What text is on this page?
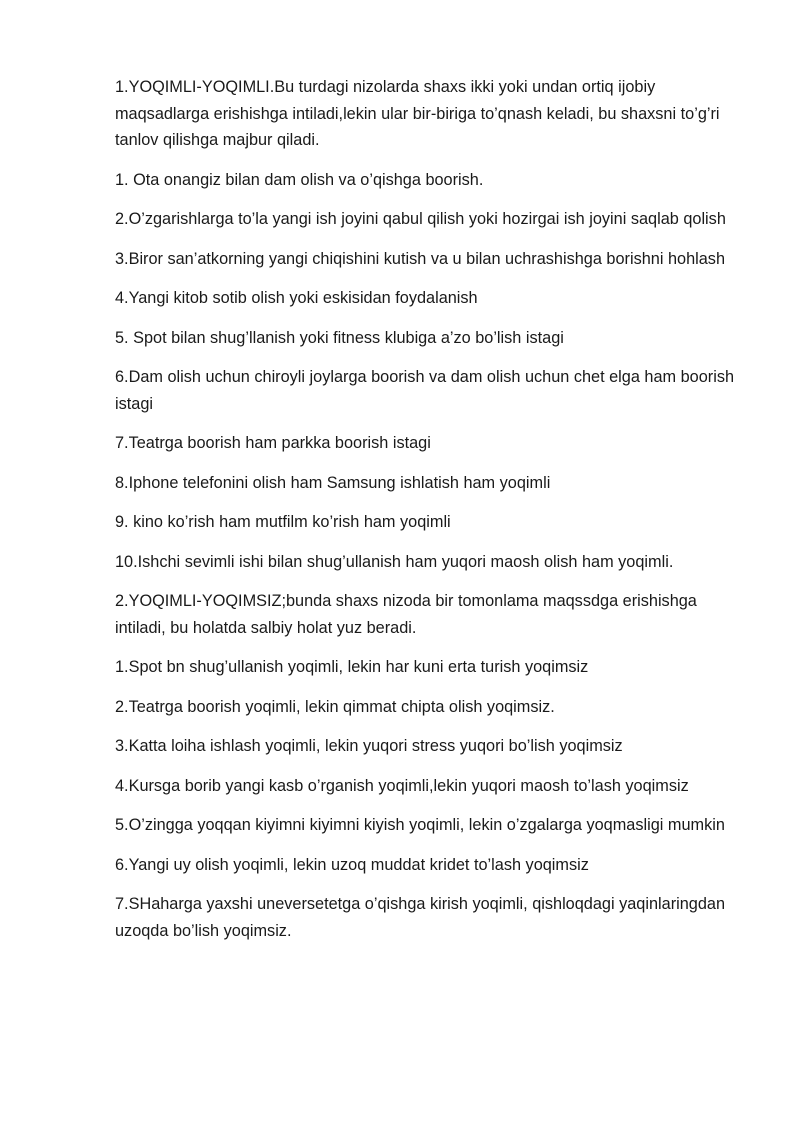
1.YOQIMLI-YOQIMLI.Bu turdagi nizolarda shaxs ikki yoki undan ortiq ijobiy maqsadlarga erishishga intiladi,lekin ular bir-biriga to’qnash keladi, bu shaxsni to’g’ri tanlov qilishga majbur qiladi.

1. Ota onangiz bilan dam olish va o’qishga boorish.

2.O’zgarishlarga to’la yangi ish joyini qabul qilish yoki hozirgai ish joyini saqlab qolish

3.Biror san’atkorning yangi chiqishini kutish va u bilan uchrashishga borishni hohlash

4.Yangi kitob sotib olish yoki eskisidan foydalanish

5. Spot bilan shug’llanish yoki fitness klubiga a’zo bo’lish istagi

6.Dam olish uchun chiroyli joylarga boorish va dam olish uchun chet elga ham boorish istagi

7.Teatrga boorish ham parkka boorish istagi

8.Iphone telefonini olish ham Samsung ishlatish ham yoqimli

9. kino ko’rish ham mutfilm ko’rish ham yoqimli

10.Ishchi sevimli ishi bilan shug’ullanish ham yuqori maosh olish ham yoqimli.

2.YOQIMLI-YOQIMSIZ;bunda shaxs nizoda bir tomonlama maqssdga erishishga intiladi, bu holatda salbiy holat yuz beradi.

1.Spot bn shug’ullanish yoqimli, lekin har kuni erta turish yoqimsiz

2.Teatrga boorish yoqimli, lekin qimmat chipta olish yoqimsiz.

3.Katta loiha ishlash yoqimli, lekin yuqori stress yuqori bo’lish yoqimsiz

4.Kursga borib yangi kasb o’rganish yoqimli,lekin yuqori maosh to’lash yoqimsiz

5.O’zingga yoqqan kiyimni kiyimni kiyish yoqimli, lekin o’zgalarga yoqmasligi mumkin

6.Yangi uy olish yoqimli, lekin uzoq muddat kridet to’lash yoqimsiz

7.SHaharga yaxshi uneversetetga o’qishga kirish yoqimli, qishloqdagi yaqinlaringdan uzoqda bo’lish yoqimsiz.
